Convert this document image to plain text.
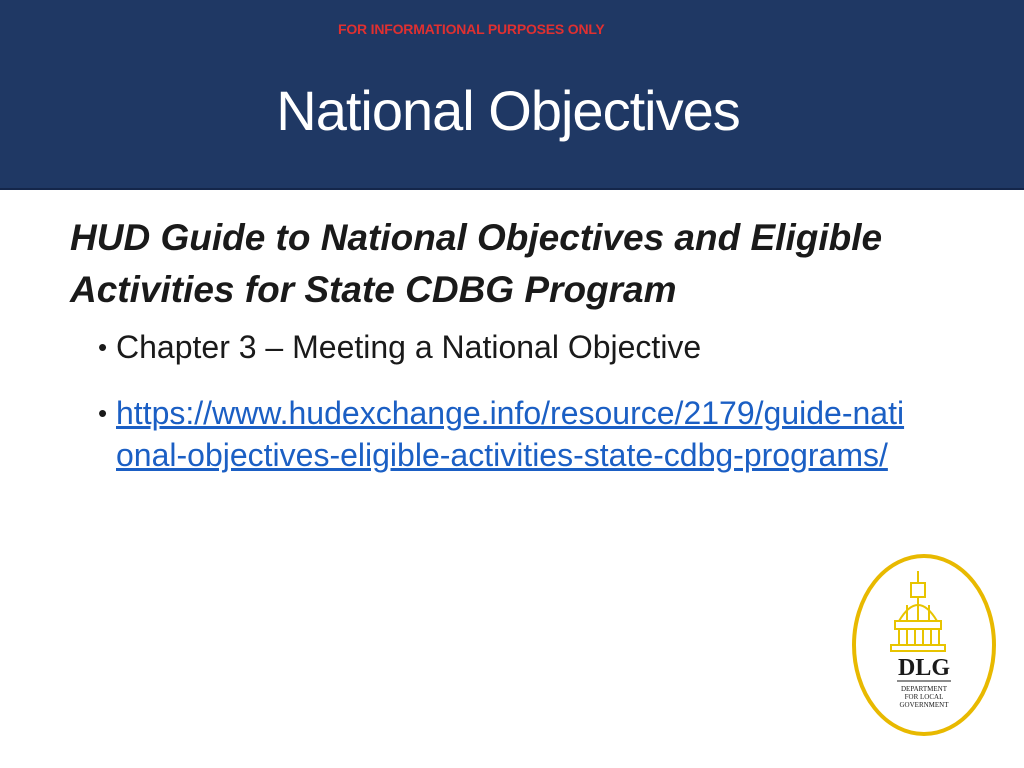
FOR INFORMATIONAL PURPOSES ONLY
National Objectives
HUD Guide to National Objectives and Eligible Activities for State CDBG Program
• Chapter 3 – Meeting a National Objective
• https://www.hudexchange.info/resource/2179/guide-national-objectives-eligible-activities-state-cdbg-programs/
DLG
DEPARTMENT
FOR LOCAL
GOVERNMENT
